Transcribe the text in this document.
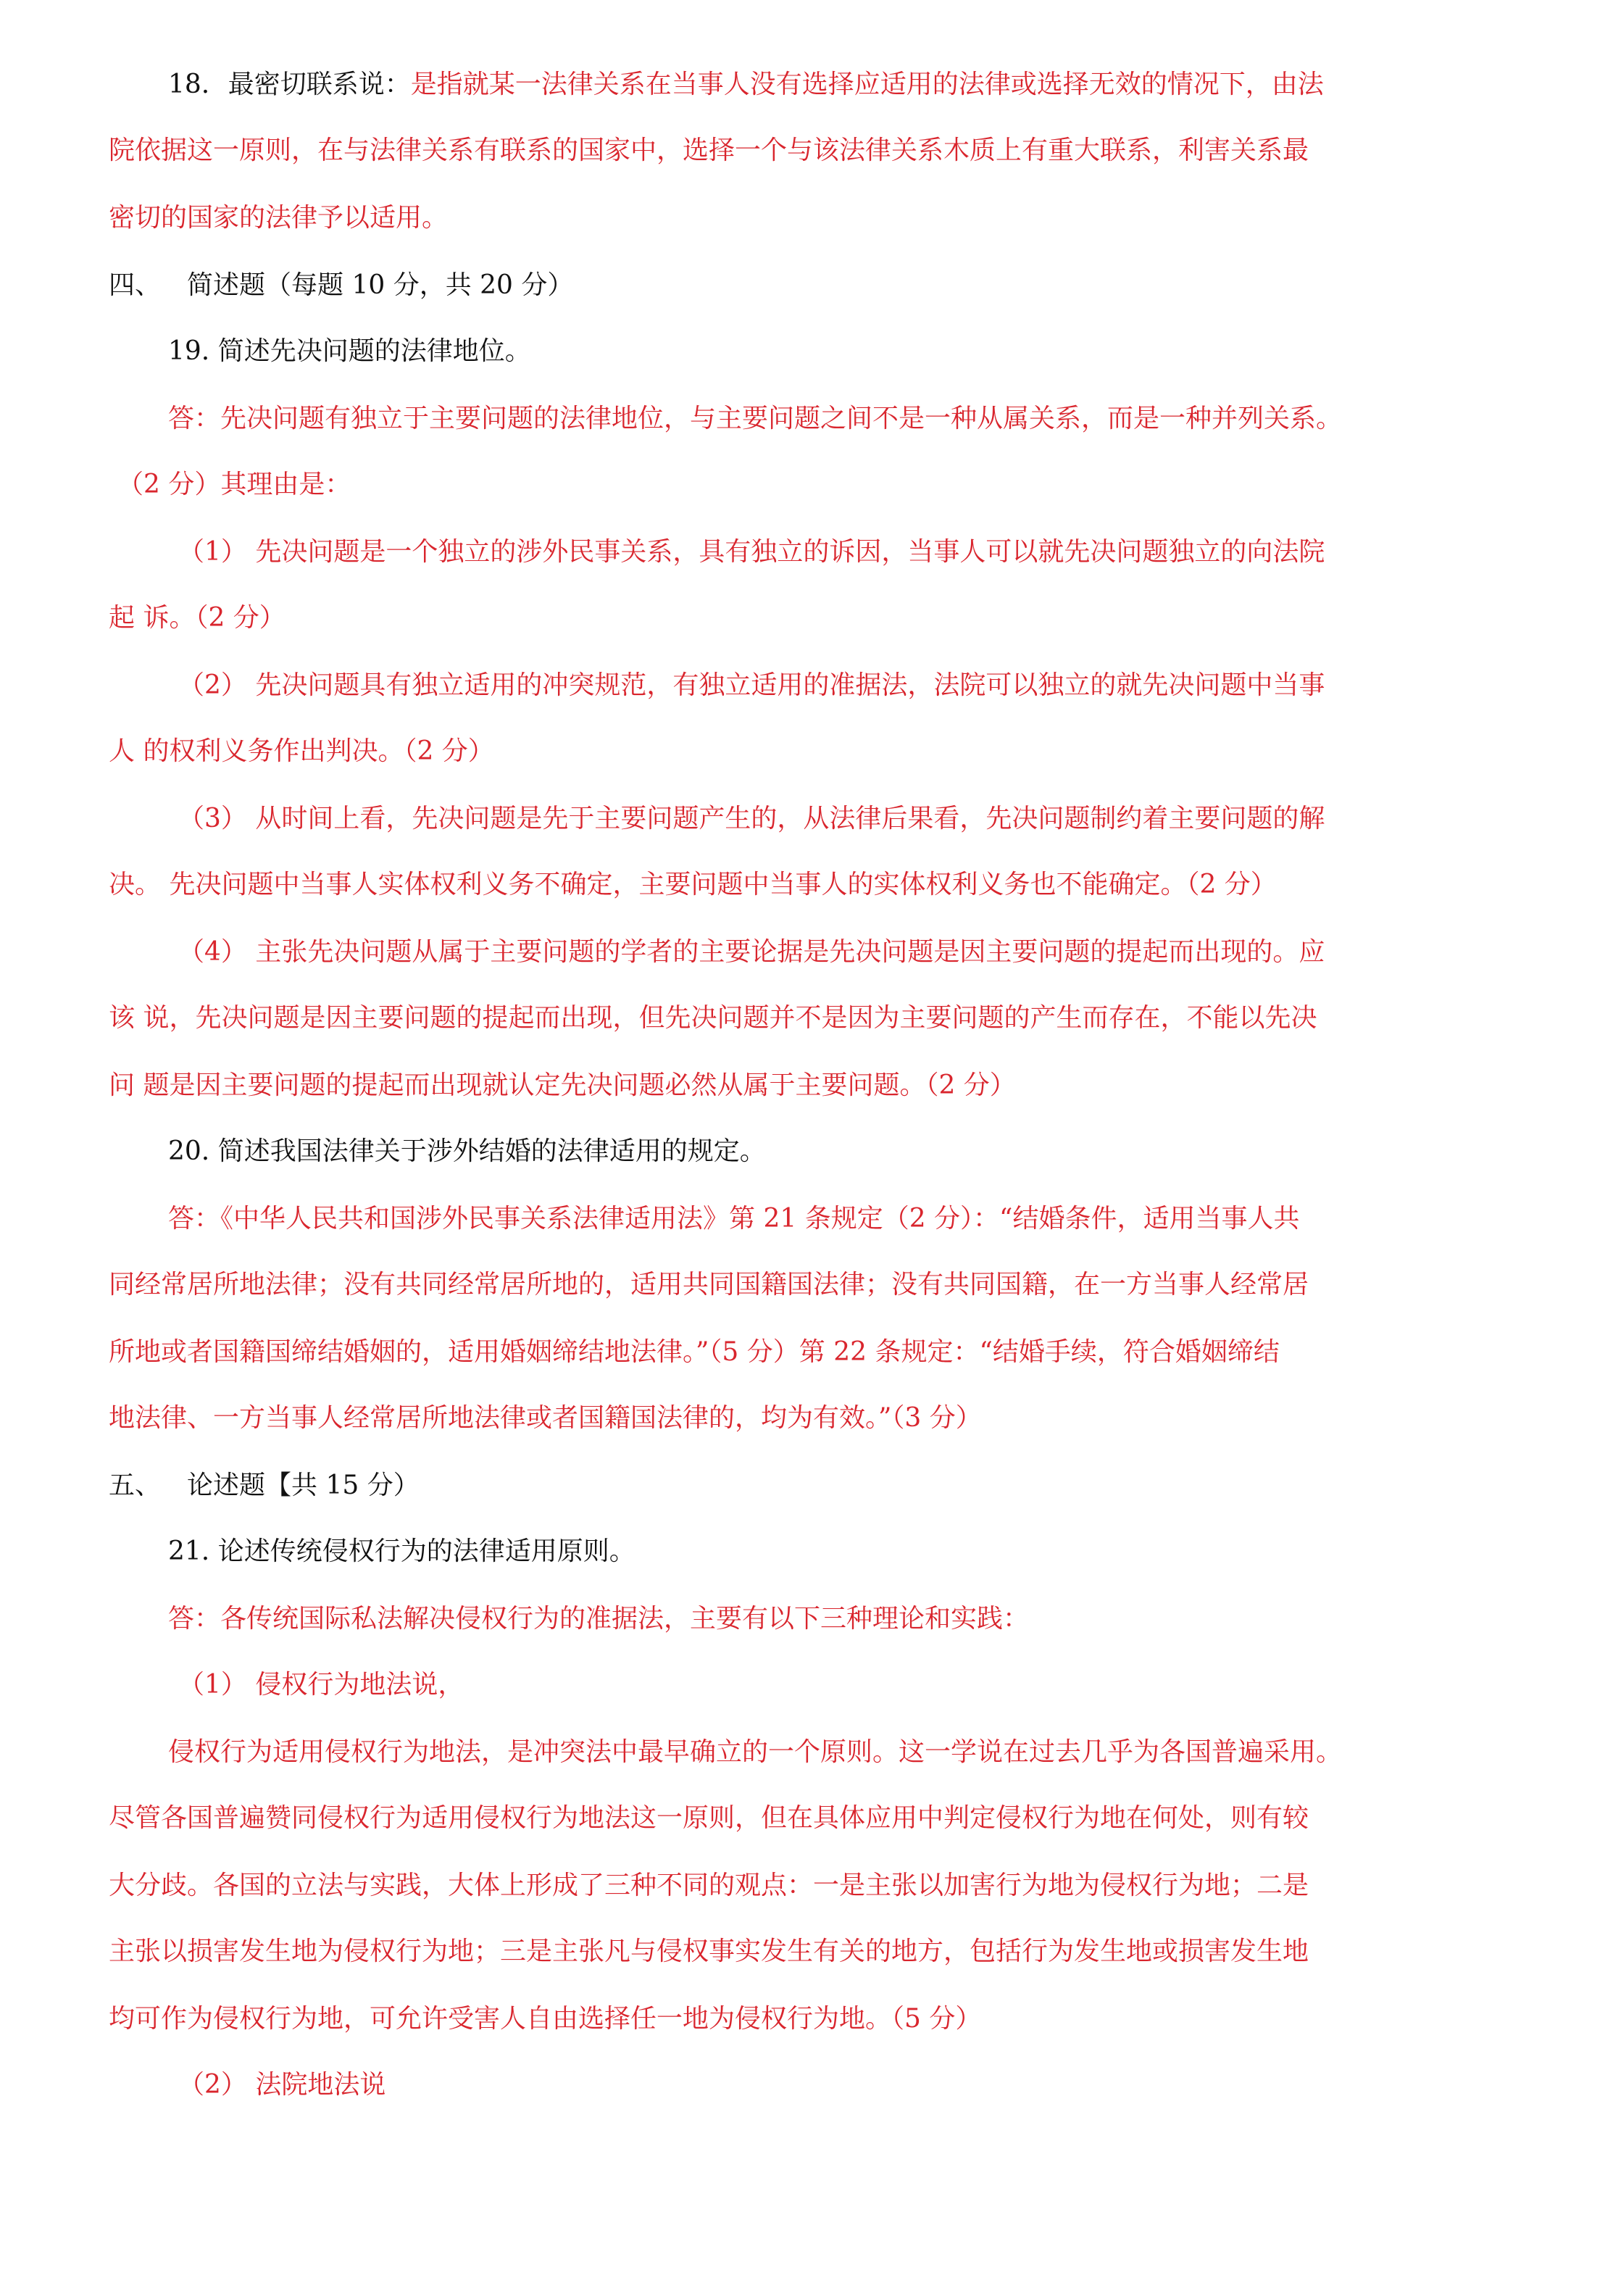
18. 最密切联系说：是指就某一法律关系在当事人没有选择应适用的法律或选择无效的情况下，由法
院依据这一原则，在与法律关系有联系的国家中，选择一个与该法律关系木质上有重大联系，利害关系最
密切的国家的法律予以适用。
四、 简述题（每题 10 分，共 20 分）
19. 简述先决问题的法律地位。
答：先决问题有独立于主要问题的法律地位，与主要问题之间不是一种从属关系，而是一种并列关系。
（2 分）其理由是：
（1） 先决问题是一个独立的涉外民事关系，具有独立的诉因，当事人可以就先决问题独立的向法院
起 诉。（2 分）
（2） 先决问题具有独立适用的冲突规范，有独立适用的准据法，法院可以独立的就先决问题中当事
人 的权利义务作出判决。（2 分）
（3） 从时间上看，先决问题是先于主要问题产生的，从法律后果看，先决问题制约着主要问题的解
决。 先决问题中当事人实体权利义务不确定，主要问题中当事人的实体权利义务也不能确定。（2 分）
（4） 主张先决问题从属于主要问题的学者的主要论据是先决问题是因主要问题的提起而出现的。应
该 说，先决问题是因主要问题的提起而出现，但先决问题并不是因为主要问题的产生而存在，不能以先决
问 题是因主要问题的提起而出现就认定先决问题必然从属于主要问题。（2 分）
20. 简述我国法律关于涉外结婚的法律适用的规定。
答：《中华人民共和国涉外民事关系法律适用法》第 21 条规定（2 分）：“结婚条件，适用当事人共
同经常居所地法律；没有共同经常居所地的，适用共同国籍国法律；没有共同国籍，在一方当事人经常居
所地或者国籍国缔结婚姻的，适用婚姻缔结地法律。”（5 分）第 22 条规定：“结婚手续，符合婚姻缔结
地法律、一方当事人经常居所地法律或者国籍国法律的，均为有效。”（3 分）
五、 论述题【共 15 分）
21. 论述传统侵权行为的法律适用原则。
答：各传统国际私法解决侵权行为的准据法，主要有以下三种理论和实践：
（1） 侵权行为地法说，
侵权行为适用侵权行为地法，是冲突法中最早确立的一个原则。这一学说在过去几乎为各国普遍采用。
尽管各国普遍赞同侵权行为适用侵权行为地法这一原则，但在具体应用中判定侵权行为地在何处，则有较
大分歧。各国的立法与实践，大体上形成了三种不同的观点：一是主张以加害行为地为侵权行为地；二是
主张以损害发生地为侵权行为地；三是主张凡与侵权事实发生有关的地方，包括行为发生地或损害发生地
均可作为侵权行为地，可允许受害人自由选择任一地为侵权行为地。（5 分）
（2） 法院地法说
